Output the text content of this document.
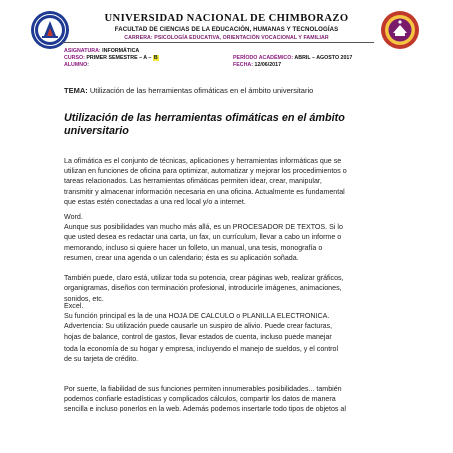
UNIVERSIDAD NACIONAL DE CHIMBORAZO
FACULTAD DE CIENCIAS DE LA EDUCACIÓN, HUMANAS Y TECNOLOGÍAS
CARRERA: PSICOLOGÍA EDUCATIVA, ORIENTACIÓN VOCACIONAL Y FAMILIAR
ASIGNATURA: INFORMÁTICA
CURSO: PRIMER SEMESTRE – A – B
ALUMNO:
PERÍODO ACADÉMICO: ABRIL – AGOSTO 2017
FECHA: 12/06/2017
TEMA: Utilización de las herramientas ofimáticas en el ámbito universitario
Utilización de las herramientas ofimáticas en el ámbito
universitario
La ofimática es el conjunto de técnicas, aplicaciones y herramientas informáticas que se
utilizan en funciones de oficina para optimizar, automatizar y mejorar los procedimientos o
tareas relacionados. Las herramientas ofimáticas permiten idear, crear, manipular,
transmitir y almacenar información necesaria en una oficina. Actualmente es fundamental
que estas estén conectadas a una red local y/o a internet.
Word.
Aunque sus posibilidades van mucho más allá, es un PROCESADOR DE TEXTOS. Si lo
que usted desea es redactar una carta, un fax, un currículum, llevar a cabo un informe o
memorando, incluso si quiere hacer un folleto, un manual, una tesis, monografía o
resumen, crear una agenda o un calendario; ésta es su aplicación soñada.

También puede, claro está, utilizar toda su potencia, crear páginas web, realizar gráficos,
organigramas, diseños con terminación profesional, introducirle imágenes, animaciones,
sonidos, etc.
Excel.
Su función principal es la de una HOJA DE CALCULO o PLANILLA ELECTRONICA.
Advertencia: Su utilización puede causarle un suspiro de alivio. Puede crear facturas,
hojas de balance, control de gastos, llevar estados de cuenta, incluso puede manejar
toda la economía de su hogar y empresa, incluyendo el manejo de sueldos, y el control
de su tarjeta de crédito.
Por suerte, la fiabilidad de sus funciones permiten innumerables posibilidades... también
podemos confiarle estadísticas y complicados cálculos, compartir los datos de manera
sencilla e incluso ponerlos en la web. Además podemos insertarle todo tipos de objetos al
